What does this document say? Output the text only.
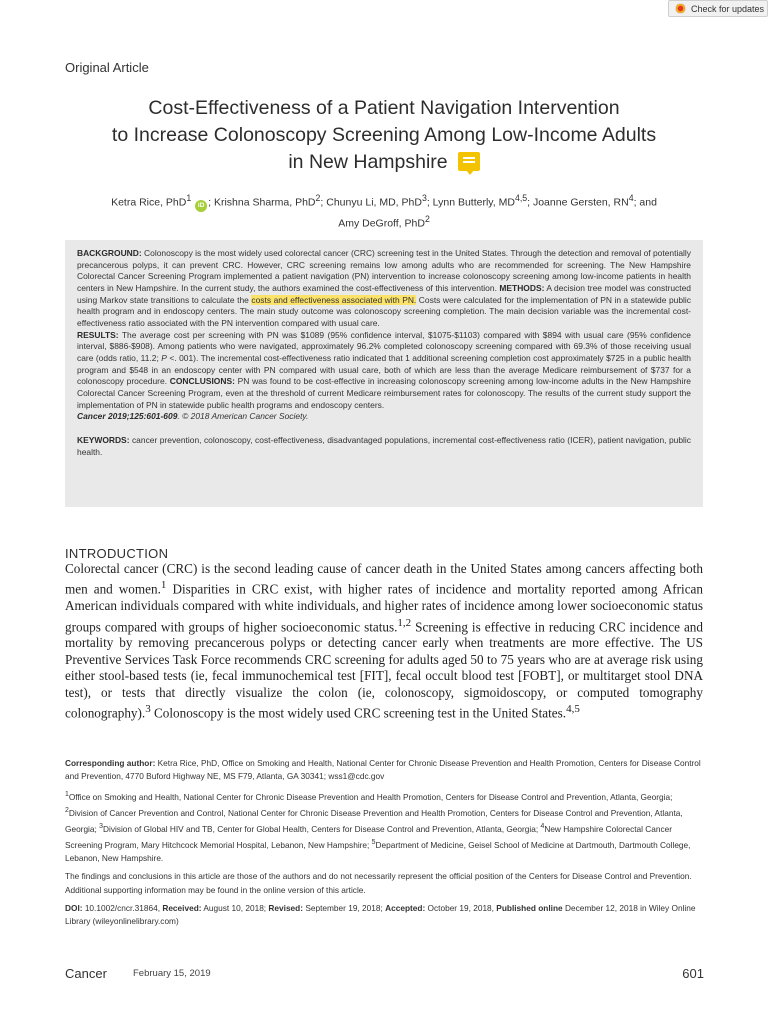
Check for updates
Original Article
Cost-Effectiveness of a Patient Navigation Intervention
to Increase Colonoscopy Screening Among Low-Income Adults
in New Hampshire
Ketra Rice, PhD$^1$ iD ; Krishna Sharma, PhD$^2$; Chunyu Li, MD, PhD$^3$; Lynn Butterly, MD$^{4,5}$; Joanne Gersten, $RN^4$; and
Amy DeGroff, PhD$^2$

BACKGROUND: Colonoscopy is the most widely used colorectal cancer (CRC) screening test in the United States. Through the detection and removal of potentially precancerous polyps, it can prevent CRC. However, CRC screening remains low among adults who are recommended for screening. The New Hampshire Colorectal Cancer Screening Program implemented a patient navigation (PN) intervention to increase colonoscopy screening among low-income patients in health centers in New Hampshire. In the current study, the authors examined the cost-effectiveness of this intervention. METHODS: A decision tree model was constructed using Markov state transitions to calculate the costs and effectiveness associated with PN. Costs were calculated for the implementation of PN in a statewide public health program and in endoscopy centers. The main study outcome was colonoscopy screening completion. The main decision variable was the incremental cost-effectiveness ratio associated with the PN intervention compared with usual care.
RESULTS: The average cost per screening with PN was $1089 (95% confidence interval, $1075-$1103) compared with $894 with usual care (95% confidence interval, $886-$908). Among patients who were navigated, approximately 96.2% completed colonoscopy screening compared with 69.3% of those receiving usual care (odds ratio, 11.2; P <. 001). The incremental cost-effectiveness ratio indicated that 1 additional screening completion cost approximately $725 in a public health program and $548 in an endoscopy center with PN compared with usual care, both of which are less than the average Medicare reimbursement of $737 for a colonoscopy procedure. CONCLUSIONS: PN was found to be cost-effective in increasing colonoscopy screening among low-income adults in the New Hampshire Colorectal Cancer Screening Program, even at the threshold of current Medicare reimbursement rates for colonoscopy. The results of the current study support the implementation of PN in statewide public health programs and endoscopy centers.
Cancer 2019;125:601-609. © 2018 American Cancer Society.

KEYWORDS: cancer prevention, colonoscopy, cost-effectiveness, disadvantaged populations, incremental cost-effectiveness ratio (ICER), patient navigation, public health.

INTRODUCTION

Colorectal cancer (CRC) is the second leading cause of cancer death in the United States among cancers affecting both men and women.$^1$ Disparities in CRC exist, with higher rates of incidence and mortality reported among African American individuals compared with white individuals, and higher rates of incidence among lower socioeconomic status groups compared with groups of higher socioeconomic status.$^{1,2}$ Screening is effective in reducing CRC incidence and mortality by removing precancerous polyps or detecting cancer early when treatments are more effective. The US Preventive Services Task Force recommends CRC screening for adults aged 50 to 75 years who are at average risk using either stool-based tests (ie, fecal immunochemical test [FIT], fecal occult blood test [FOBT], or multitarget stool DNA test), or tests that directly visualize the colon (ie, colonoscopy, sigmoidoscopy, or computed tomography colonography).$^3$ Colonoscopy is the most widely used CRC screening test in the United States.$^{4,5}$

Corresponding author: Ketra Rice, PhD, Office on Smoking and Health, National Center for Chronic Disease Prevention and Health Promotion, Centers for Disease Control and Prevention, 4770 Buford Highway NE, MS F79, Atlanta, GA 30341; wss1@cdc.gov

$^1$Office on Smoking and Health, National Center for Chronic Disease Prevention and Health Promotion, Centers for Disease Control and Prevention, Atlanta, Georgia; $^2$Division of Cancer Prevention and Control, National Center for Chronic Disease Prevention and Health Promotion, Centers for Disease Control and Prevention, Atlanta, Georgia; $^3$Division of Global HIV and TB, Center for Global Health, Centers for Disease Control and Prevention, Atlanta, Georgia; $^4$New Hampshire Colorectal Cancer Screening Program, Mary Hitchcock Memorial Hospital, Lebanon, New Hampshire; $^5$Department of Medicine, Geisel School of Medicine at Dartmouth, Dartmouth College, Lebanon, New Hampshire.

The findings and conclusions in this article are those of the authors and do not necessarily represent the official position of the Centers for Disease Control and Prevention.

Additional supporting information may be found in the online version of this article.

DOI: 10.1002/cncr.31864, Received: August 10, 2018; Revised: September 19, 2018; Accepted: October 19, 2018, Published online December 12, 2018 in Wiley Online Library (wileyonlinelibrary.com)

Cancer	February 15, 2019	601
